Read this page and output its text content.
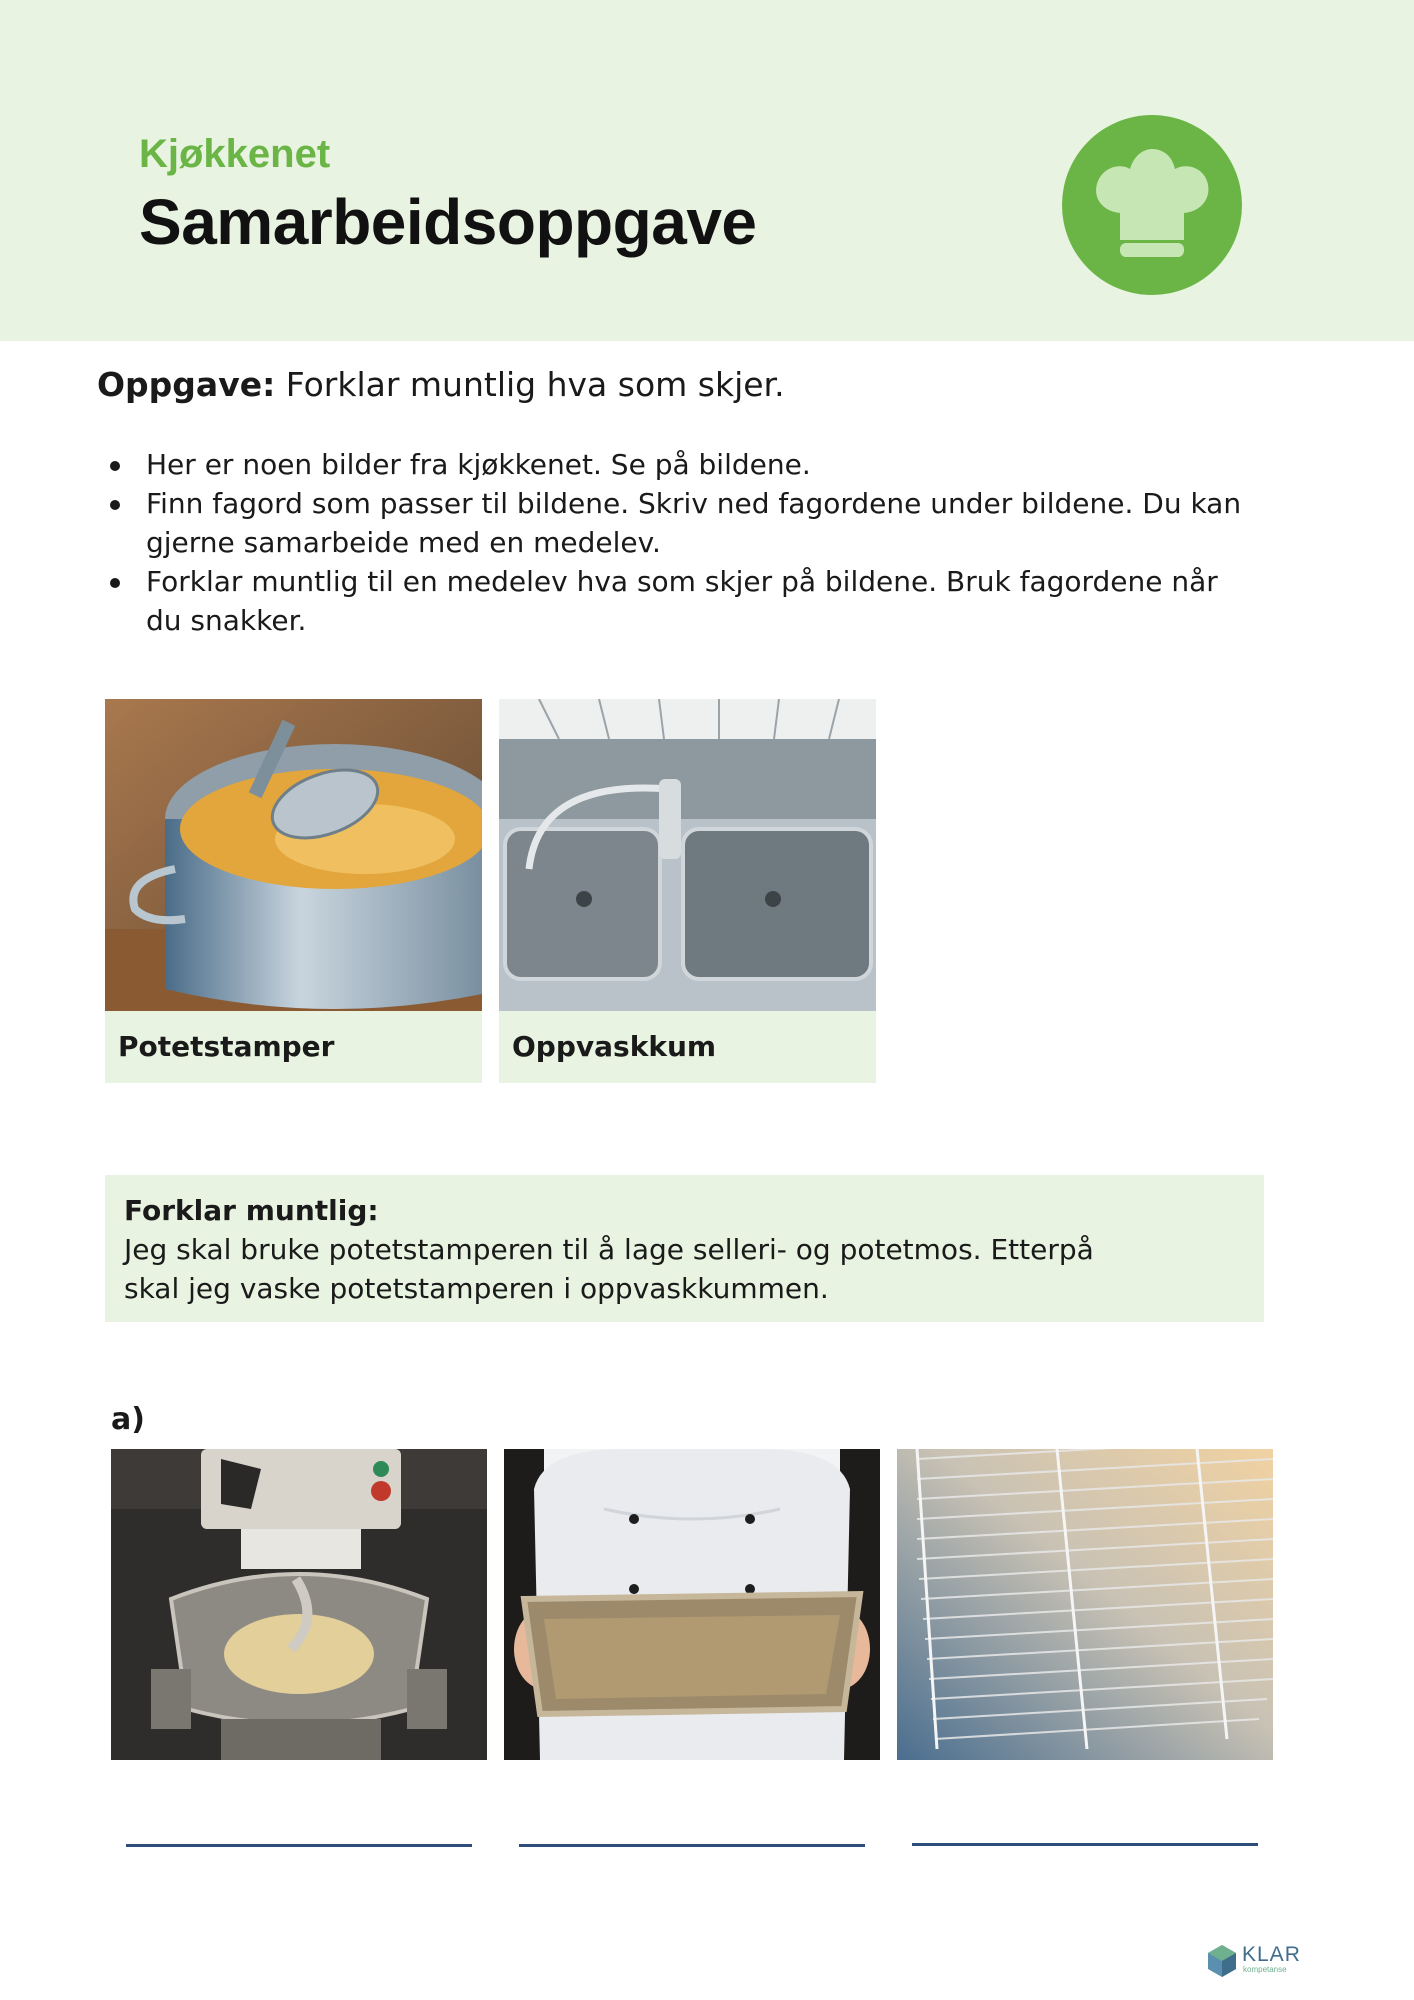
Kjøkkenet
Samarbeidsoppgave
Oppgave: Forklar muntlig hva som skjer.
Her er noen bilder fra kjøkkenet. Se på bildene.
Finn fagord som passer til bildene. Skriv ned fagordene under bildene. Du kan gjerne samarbeide med en medelev.
Forklar muntlig til en medelev hva som skjer på bildene. Bruk fagordene når du snakker.
Potetstamper	Oppvaskkum
Forklar muntlig:
Jeg skal bruke potetstamperen til å lage selleri- og potetmos. Etterpå skal jeg vaske potetstamperen i oppvaskkummen.
a)
KLAR
kompetanse
